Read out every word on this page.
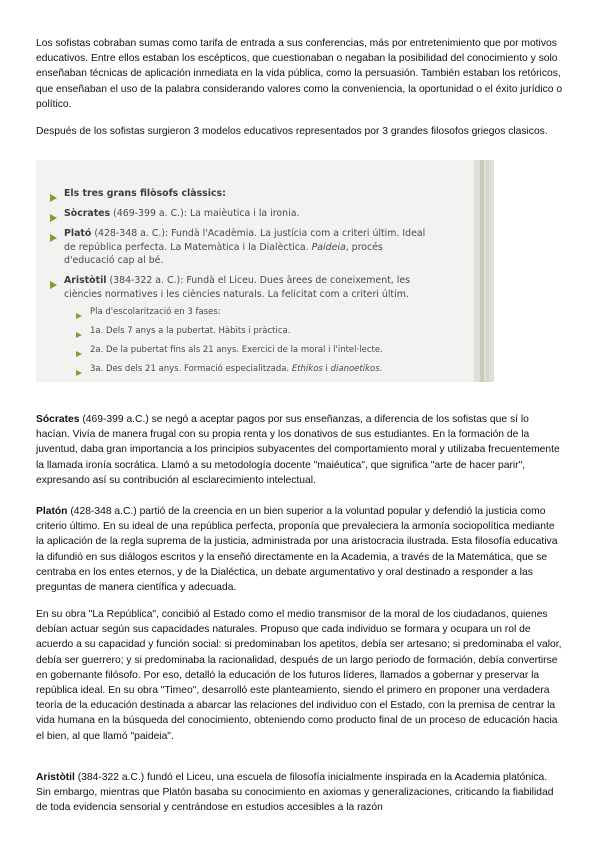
Los sofistas cobraban sumas como tarifa de entrada a sus conferencias, más por entretenimiento que por motivos educativos. Entre ellos estaban los escépticos, que cuestionaban o negaban la posibilidad del conocimiento y solo enseñaban técnicas de aplicación inmediata en la vida pública, como la persuasión. También estaban los retóricos, que enseñaban el uso de la palabra considerando valores como la conveniencia, la oportunidad o el éxito jurídico o político.

Después de los sofistas surgieron 3 modelos educativos representados por 3 grandes filosofos griegos clasicos.

Els tres grans filòsofs clàssics:
Sòcrates (469-399 a. C.): La maièutica i la ironia.
Plató (428-348 a. C.): Fundà l'Acadèmia. La justícia com a criteri últim. Ideal
de república perfecta. La Matemàtica i la Dialèctica. Paideia, procés
d'educació cap al bé.
Aristòtil (384-322 a. C.): Fundà el Liceu. Dues àrees de coneixement, les
ciències normatives i les ciències naturals. La felicitat com a criteri últim.
Pla d'escolarització en 3 fases:
1a. Dels 7 anys a la pubertat. Hàbits i pràctica.
2a. De la pubertat fins als 21 anys. Exercici de la moral i l'intel·lecte.
3a. Des dels 21 anys. Formació especialitzada. Ethikos i dianoetikos.

Sócrates (469-399 a.C.) se negó a aceptar pagos por sus enseñanzas, a diferencia de los sofistas que sí lo hacían. Vivía de manera frugal con su propia renta y los donativos de sus estudiantes. En la formación de la juventud, daba gran importancia a los principios subyacentes del comportamiento moral y utilizaba frecuentemente la llamada ironía socrática. Llamó a su metodología docente "maiéutica", que significa "arte de hacer parir", expresando así su contribución al esclarecimiento intelectual.

Platón (428-348 a.C.) partió de la creencia en un bien superior a la voluntad popular y defendió la justicia como criterio último. En su ideal de una república perfecta, proponía que prevaleciera la armonía sociopolítica mediante la aplicación de la regla suprema de la justicia, administrada por una aristocracia ilustrada. Esta filosofía educativa la difundió en sus diálogos escritos y la enseñó directamente en la Academia, a través de la Matemática, que se centraba en los entes eternos, y de la Dialéctica, un debate argumentativo y oral destinado a responder a las preguntas de manera científica y adecuada.

En su obra "La República", concibió al Estado como el medio transmisor de la moral de los ciudadanos, quienes debían actuar según sus capacidades naturales. Propuso que cada individuo se formara y ocupara un rol de acuerdo a su capacidad y función social: si predominaban los apetitos, debía ser artesano; si predominaba el valor, debía ser guerrero; y si predominaba la racionalidad, después de un largo periodo de formación, debía convertirse en gobernante filósofo. Por eso, detalló la educación de los futuros líderes, llamados a gobernar y preservar la república ideal. En su obra "Timeo", desarrolló este planteamiento, siendo el primero en proponer una verdadera teoría de la educación destinada a abarcar las relaciones del individuo con el Estado, con la premisa de centrar la vida humana en la búsqueda del conocimiento, obteniendo como producto final de un proceso de educación hacia el bien, al que llamó "paideia".

Aristòtil (384-322 a.C.) fundó el Liceu, una escuela de filosofía inicialmente inspirada en la Academia platónica. Sin embargo, mientras que Platón basaba su conocimiento en axiomas y generalizaciones, criticando la fiabilidad de toda evidencia sensorial y centrándose en estudios accesibles a la razón
